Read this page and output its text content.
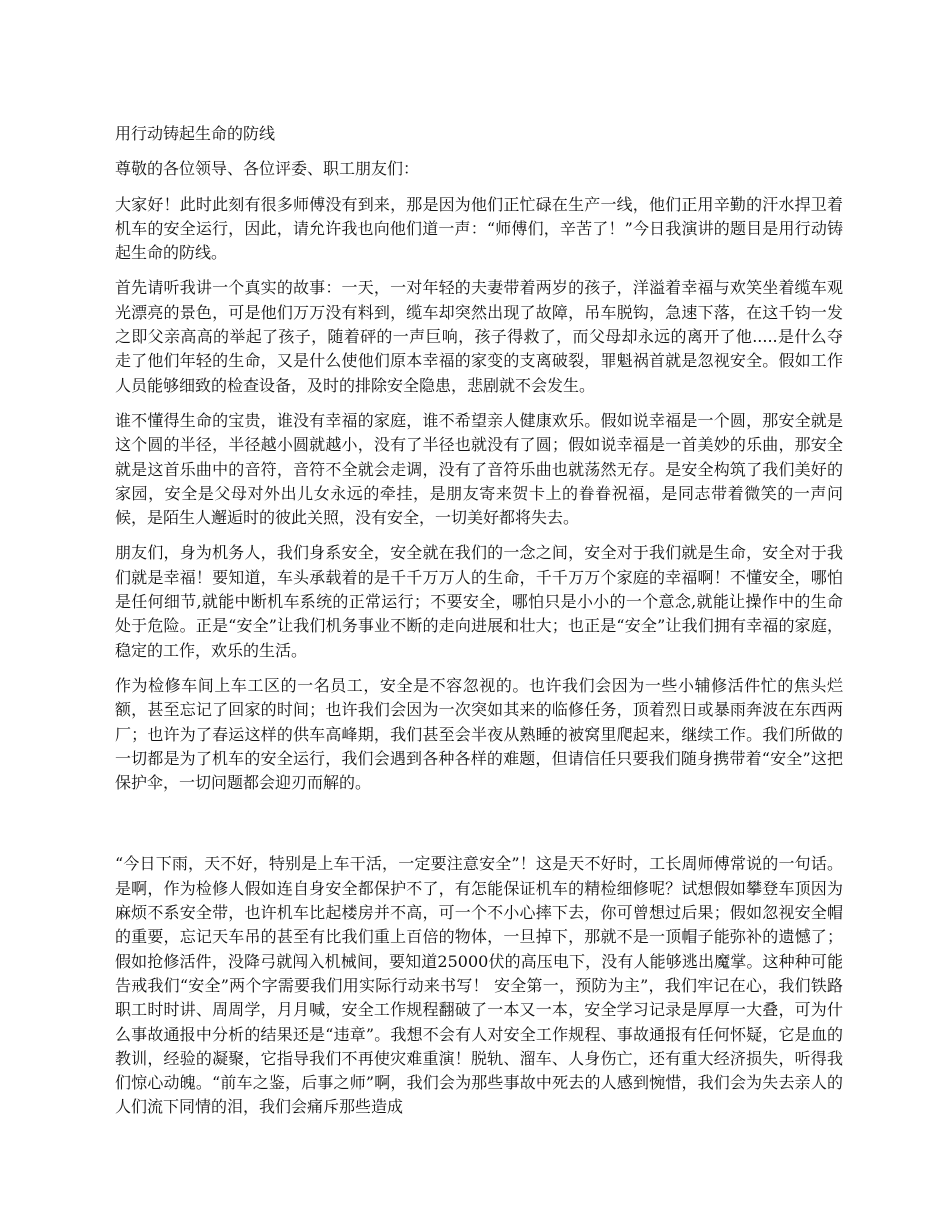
用行动铸起生命的防线

尊敬的各位领导、各位评委、职工朋友们：

大家好！此时此刻有很多师傅没有到来，那是因为他们正忙碌在生产一线，他们正用辛勤的汗水捍卫着机车的安全运行，因此，请允许我也向他们道一声：“师傅们，辛苦了！”今日我演讲的题目是用行动铸起生命的防线。

首先请听我讲一个真实的故事：一天，一对年轻的夫妻带着两岁的孩子，洋溢着幸福与欢笑坐着缆车观光漂亮的景色，可是他们万万没有料到，缆车却突然出现了故障，吊车脱钩，急速下落，在这千钧一发之即父亲高高的举起了孩子，随着砰的一声巨响，孩子得救了，而父母却永远的离开了他.....是什么夺走了他们年轻的生命，又是什么使他们原本幸福的家变的支离破裂，罪魁祸首就是忽视安全。假如工作人员能够细致的检查设备，及时的排除安全隐患，悲剧就不会发生。

谁不懂得生命的宝贵，谁没有幸福的家庭，谁不希望亲人健康欢乐。假如说幸福是一个圆，那安全就是这个圆的半径，半径越小圆就越小，没有了半径也就没有了圆；假如说幸福是一首美妙的乐曲，那安全就是这首乐曲中的音符，音符不全就会走调，没有了音符乐曲也就荡然无存。是安全构筑了我们美好的家园，安全是父母对外出儿女永远的牵挂，是朋友寄来贺卡上的眷眷祝福，是同志带着微笑的一声问候，是陌生人邂逅时的彼此关照，没有安全，一切美好都将失去。

朋友们，身为机务人，我们身系安全，安全就在我们的一念之间，安全对于我们就是生命，安全对于我们就是幸福！要知道，车头承载着的是千千万万人的生命，千千万万个家庭的幸福啊！不懂安全，哪怕是任何细节,就能中断机车系统的正常运行；不要安全，哪怕只是小小的一个意念,就能让操作中的生命处于危险。正是“安全”让我们机务事业不断的走向进展和壮大；也正是“安全”让我们拥有幸福的家庭，稳定的工作，欢乐的生活。

作为检修车间上车工区的一名员工，安全是不容忽视的。也许我们会因为一些小辅修活件忙的焦头烂额，甚至忘记了回家的时间；也许我们会因为一次突如其来的临修任务，顶着烈日或暴雨奔波在东西两厂；也许为了春运这样的供车高峰期，我们甚至会半夜从熟睡的被窝里爬起来，继续工作。我们所做的一切都是为了机车的安全运行，我们会遇到各种各样的难题，但请信任只要我们随身携带着“安全”这把保护伞，一切问题都会迎刃而解的。

“今日下雨，天不好，特别是上车干活，一定要注意安全”！这是天不好时，工长周师傅常说的一句话。是啊，作为检修人假如连自身安全都保护不了，有怎能保证机车的精检细修呢？试想假如攀登车顶因为麻烦不系安全带，也许机车比起楼房并不高，可一个不小心摔下去，你可曾想过后果；假如忽视安全帽的重要，忘记天车吊的甚至有比我们重上百倍的物体，一旦掉下，那就不是一顶帽子能弥补的遗憾了；假如抢修活件，没降弓就闯入机械间，要知道25000伏的高压电下，没有人能够逃出魔掌。这种种可能告戒我们“安全”两个字需要我们用实际行动来书写！ 安全第一，预防为主”，我们牢记在心，我们铁路职工时时讲、周周学，月月喊，安全工作规程翻破了一本又一本，安全学习记录是厚厚一大叠，可为什么事故通报中分析的结果还是“违章”。我想不会有人对安全工作规程、事故通报有任何怀疑，它是血的教训，经验的凝聚，它指导我们不再使灾难重演！脱轨、溜车、人身伤亡，还有重大经济损失，听得我们惊心动魄。“前车之鉴，后事之师”啊，我们会为那些事故中死去的人感到惋惜，我们会为失去亲人的人们流下同情的泪，我们会痛斥那些造成
